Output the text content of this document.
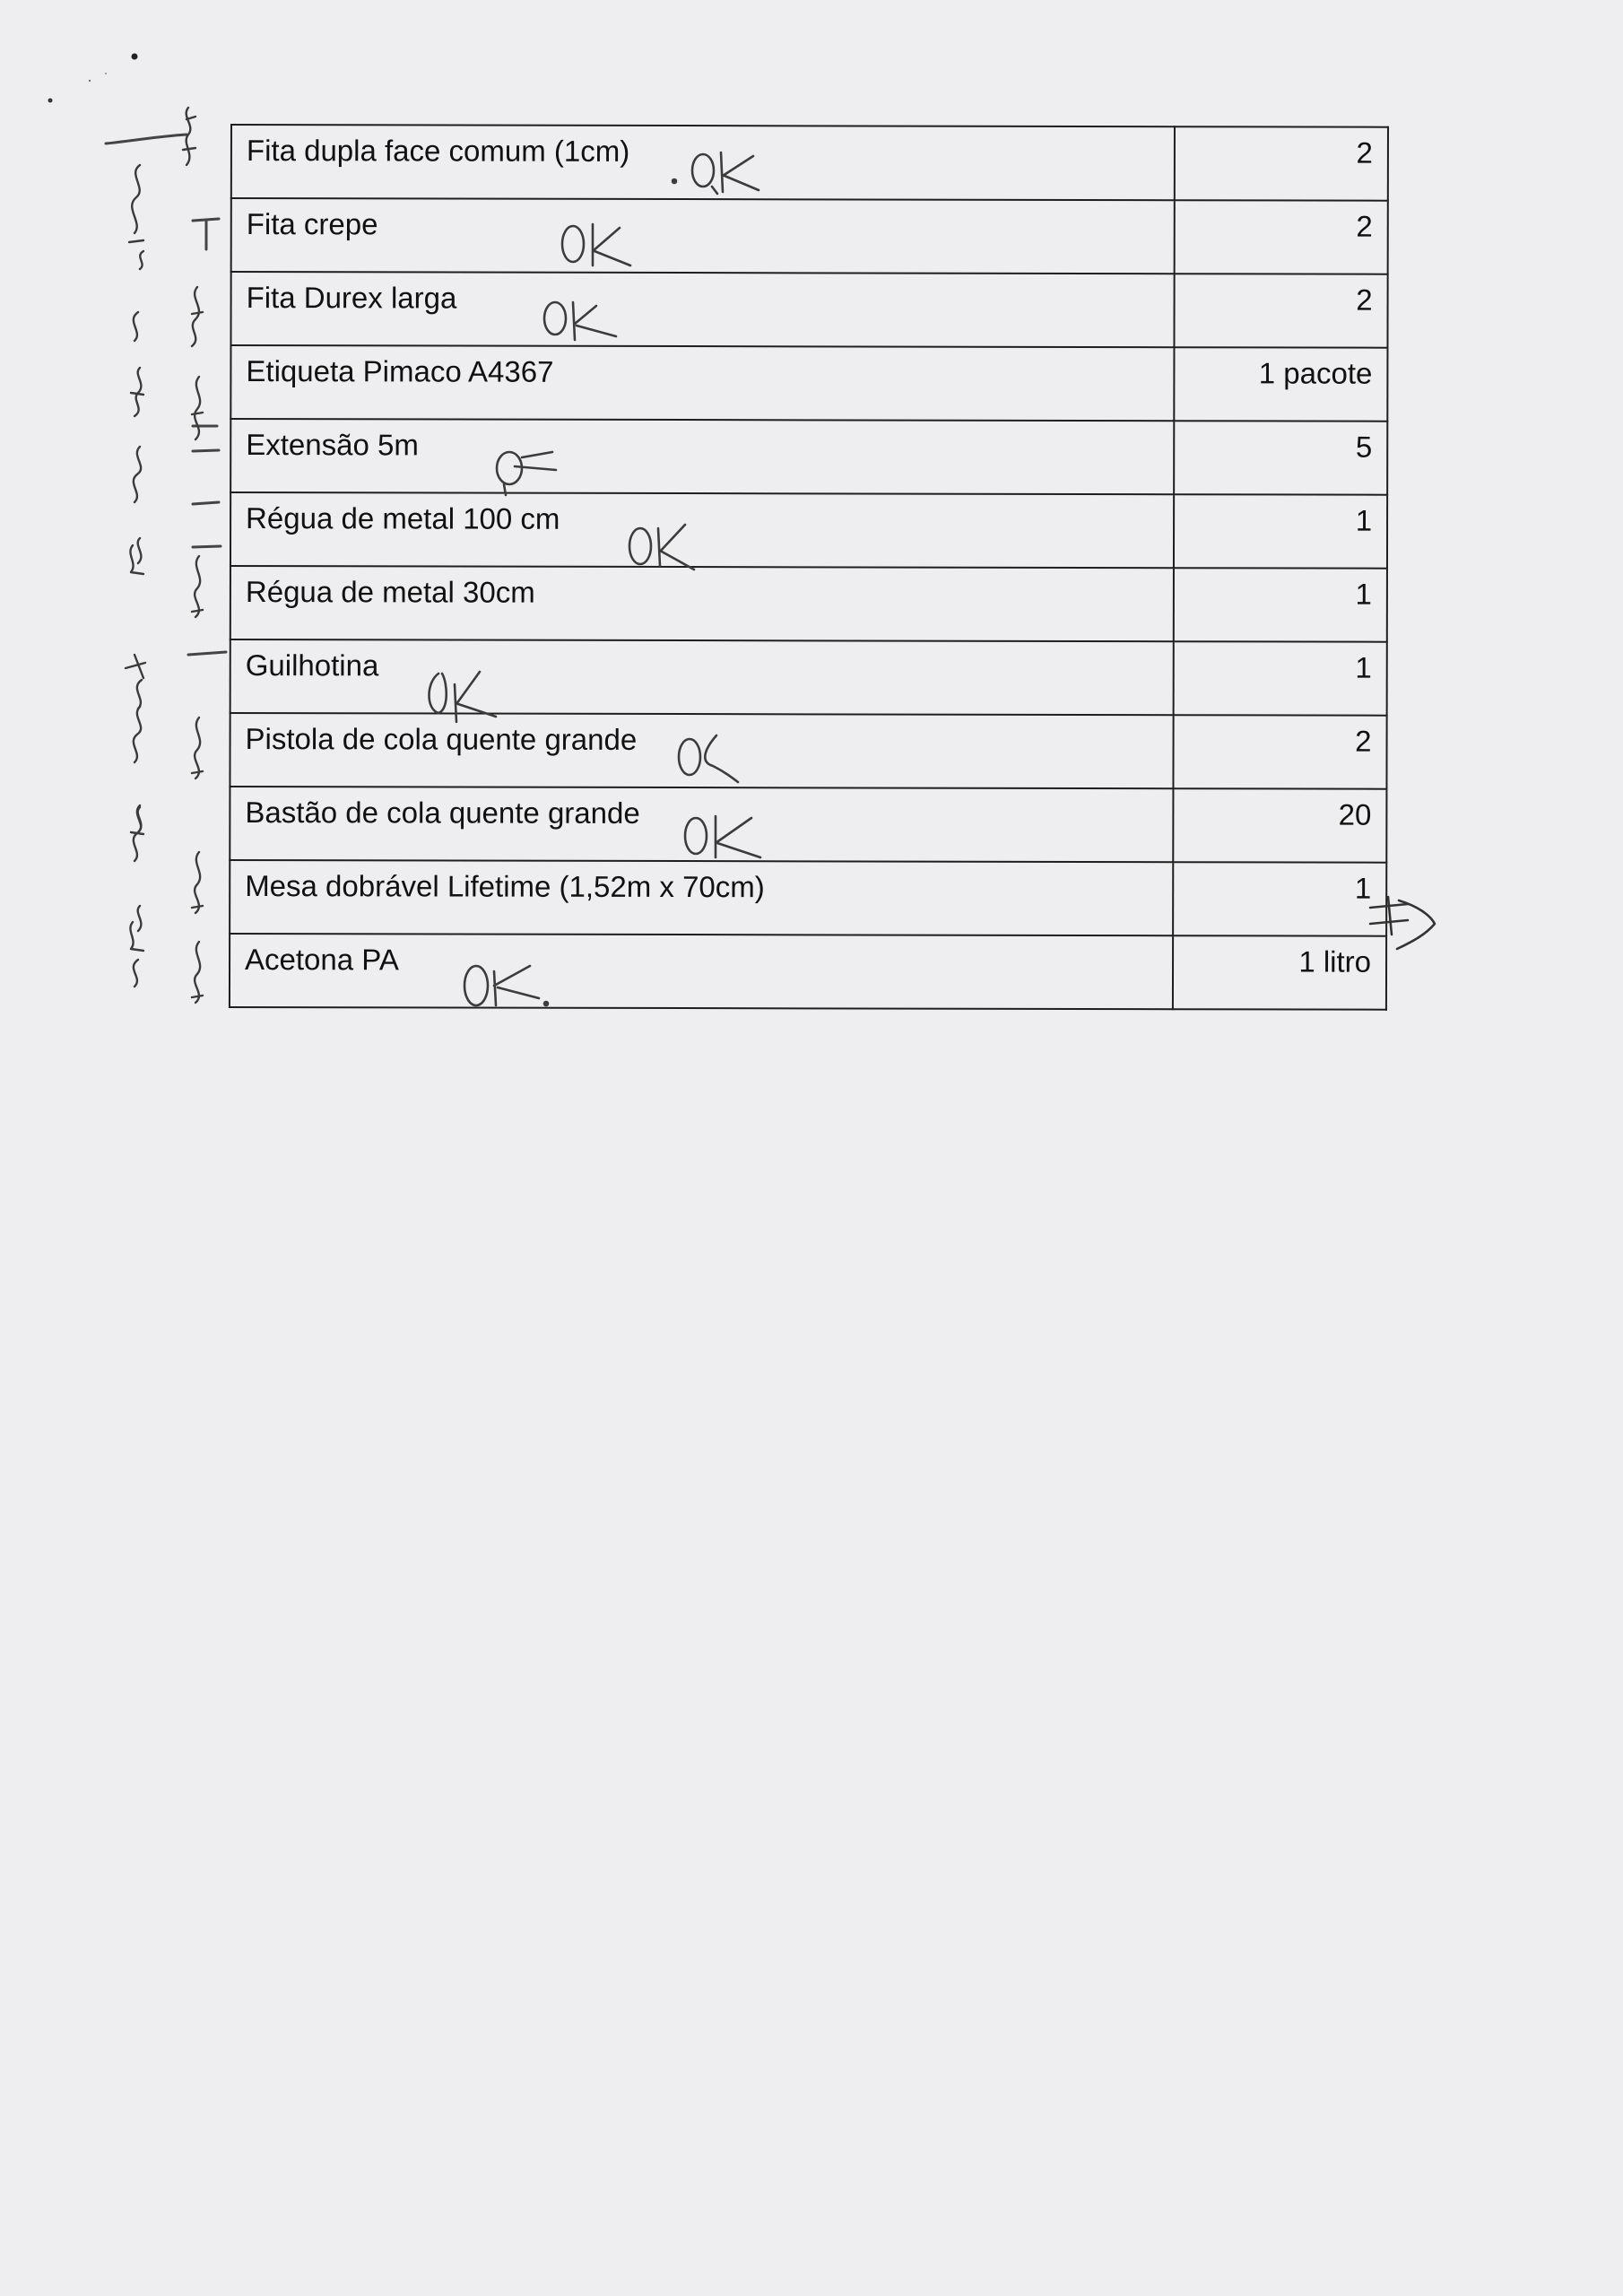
Fita dupla face comum (1cm)	2

Fita crepe	2

Fita Durex larga	2

Etiqueta Pimaco A4367	1 pacote

Extensão 5m	5

Régua de metal 100 cm	1

Régua de metal 30cm	1

Guilhotina	1

Pistola de cola quente grande	2

Bastão de cola quente grande	20

Mesa dobrável Lifetime (1,52m x 70cm)	1

Acetona PA	1 litro
